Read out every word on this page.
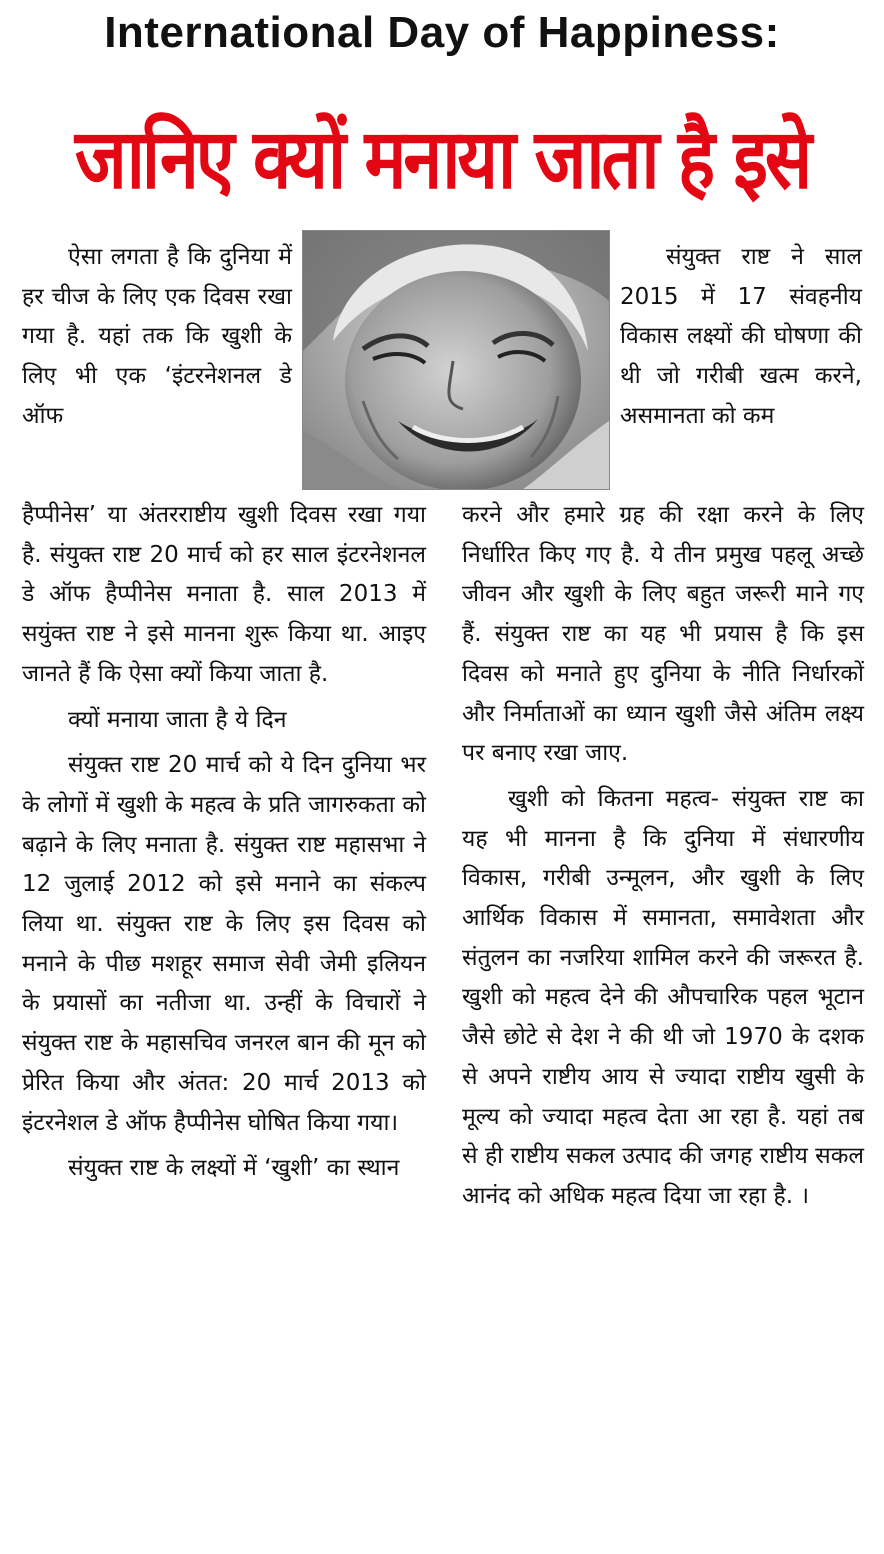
International Day of Happiness:
जानिए क्यों मनाया जाता है इसे

ऐसा लगता है कि दुनिया में हर चीज के लिए एक दिवस रखा गया है. यहां तक कि खुशी के लिए भी एक ‘इंटरनेशनल डे ऑफ

हैप्पीनेस’ या अंतरराष्टीय खुशी दिवस रखा गया है. संयुक्त राष्ट 20 मार्च को हर साल इंटरनेशनल डे ऑफ हैप्पीनेस मनाता है. साल 2013 में सयुंक्त राष्ट ने इसे मानना शुरू किया था. आइए जानते हैं कि ऐसा क्यों किया जाता है.

क्यों मनाया जाता है ये दिन

संयुक्त राष्ट 20 मार्च को ये दिन दुनिया भर के लोगों में खुशी के महत्व के प्रति जागरुकता को बढ़ाने के लिए मनाता है. संयुक्त राष्ट महासभा ने 12 जुलाई 2012 को इसे मनाने का संकल्प लिया था. संयुक्त राष्ट के लिए इस दिवस को मनाने के पीछ मशहूर समाज सेवी जेमी इलियन के प्रयासों का नतीजा था. उन्हीं के विचारों ने संयुक्त राष्ट के महासचिव जनरल बान की मून को प्रेरित किया और अंतत: 20 मार्च 2013 को इंटरनेशल डे ऑफ हैप्पीनेस घोषित किया गया।

संयुक्त राष्ट के लक्ष्यों में ‘खुशी’ का स्थान

संयुक्त राष्ट ने साल 2015 में 17 संवहनीय विकास लक्ष्यों की घोषणा की थी जो गरीबी खत्म करने, असमानता को कम

करने और हमारे ग्रह की रक्षा करने के लिए निर्धारित किए गए है. ये तीन प्रमुख पहलू अच्छे जीवन और खुशी के लिए बहुत जरूरी माने गए हैं. संयुक्त राष्ट का यह भी प्रयास है कि इस दिवस को मनाते हुए दुनिया के नीति निर्धारकों और निर्माताओं का ध्यान खुशी जैसे अंतिम लक्ष्य पर बनाए रखा जाए.

खुशी को कितना महत्व- संयुक्त राष्ट का यह भी मानना है कि दुनिया में संधारणीय विकास, गरीबी उन्मूलन, और खुशी के लिए आर्थिक विकास में समानता, समावेशता और संतुलन का नजरिया शामिल करने की जरूरत है. खुशी को महत्व देने की औपचारिक पहल भूटान जैसे छोटे से देश ने की थी जो 1970 के दशक से अपने राष्टीय आय से ज्यादा राष्टीय खुसी के मूल्य को ज्यादा महत्व देता आ रहा है. यहां तब से ही राष्टीय सकल उत्पाद की जगह राष्टीय सकल आनंद को अधिक महत्व दिया जा रहा है. ।
